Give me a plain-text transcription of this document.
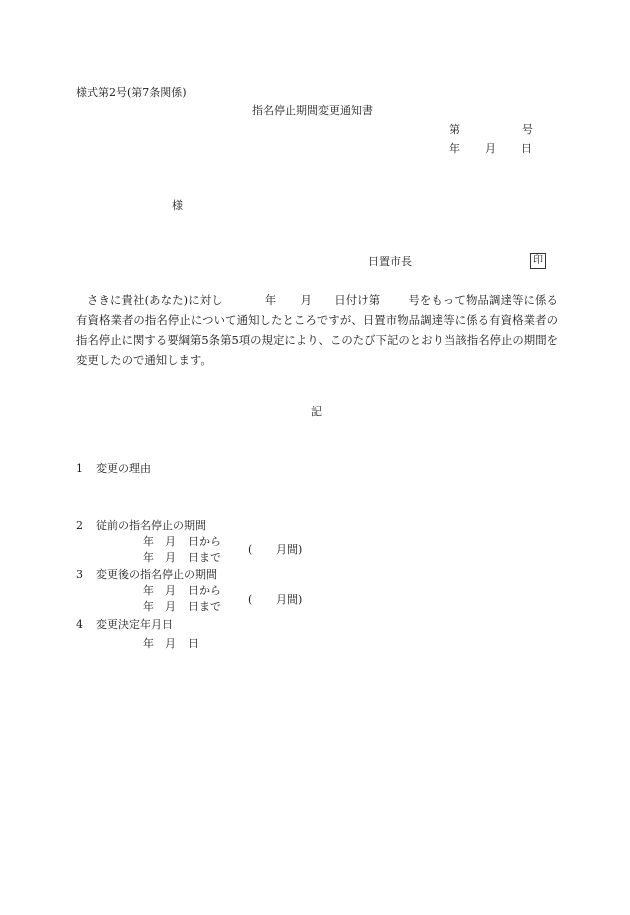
様式第2号(第7条関係)
指名停止期間変更通知書
第	号
年 月 日
様
日置市長	印
さきに貴社(あなた)に対し	年 月 日付け第 号をもって物品調達等に係る有資格業者の指名停止について通知したところですが、日置市物品調達等に係る有資格業者の指名停止に関する要綱第5条第5項の規定により、このたび下記のとおり当該指名停止の期間を変更したので通知します。
記
1 変更の理由
2 従前の指名停止の期間
年 月 日から
年 月 日まで
( 月間)
3 変更後の指名停止の期間
年 月 日から
年 月 日まで
( 月間)
4 変更決定年月日
年 月 日
